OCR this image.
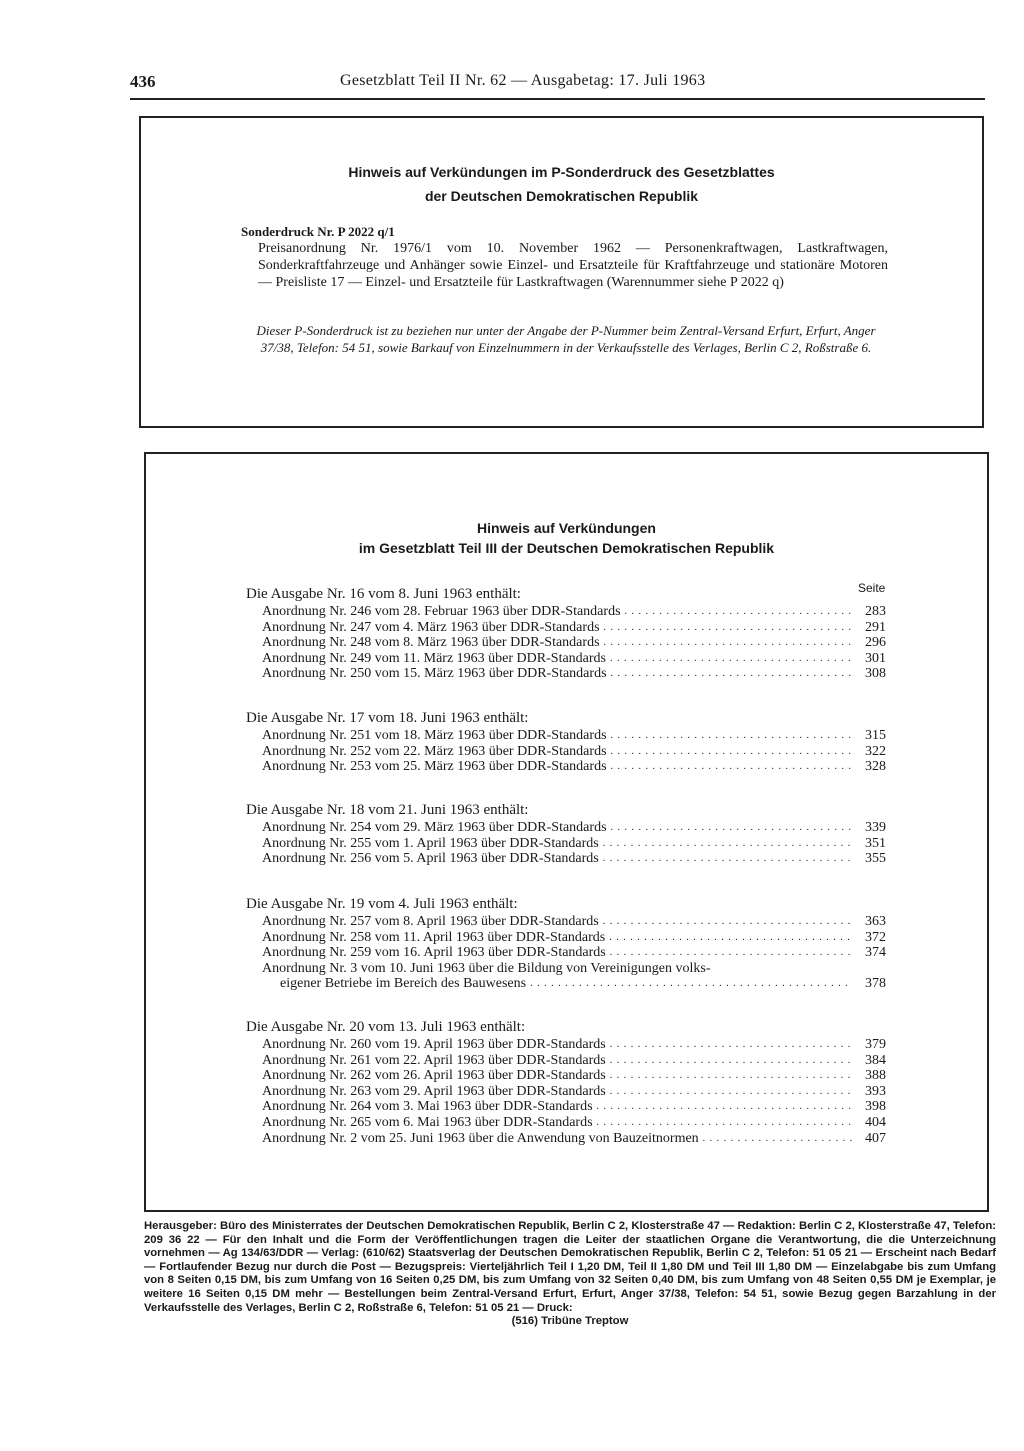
436	Gesetzblatt Teil II Nr. 62 — Ausgabetag: 17. Juli 1963
Hinweis auf Verkündungen im P-Sonderdruck des Gesetzblattes
der Deutschen Demokratischen Republik
Sonderdruck Nr. P 2022 q/1
Preisanordnung Nr. 1976/1 vom 10. November 1962 — Personenkraftwagen, Lastkraftwagen, Sonderkraftfahrzeuge und Anhänger sowie Einzel- und Ersatzteile für Kraftfahrzeuge und stationäre Motoren — Preisliste 17 — Einzel- und Ersatzteile für Lastkraftwagen (Warennummer siehe P 2022 q)
Dieser P-Sonderdruck ist zu beziehen nur unter der Angabe der P-Nummer beim Zentral-Versand Erfurt, Erfurt, Anger 37/38, Telefon: 54 51, sowie Barkauf von Einzelnummern in der Verkaufsstelle des Verlages, Berlin C 2, Roßstraße 6.
Hinweis auf Verkündungen
im Gesetzblatt Teil III der Deutschen Demokratischen Republik
Seite
Die Ausgabe Nr. 16 vom 8. Juni 1963 enthält:
Anordnung Nr. 246 vom 28. Februar 1963 über DDR-Standards . . .	283
Anordnung Nr. 247 vom 4. März 1963 über DDR-Standards . . .	291
Anordnung Nr. 248 vom 8. März 1963 über DDR-Standards . . .	296
Anordnung Nr. 249 vom 11. März 1963 über DDR-Standards . . .	301
Anordnung Nr. 250 vom 15. März 1963 über DDR-Standards . . .	308
Die Ausgabe Nr. 17 vom 18. Juni 1963 enthält:
Anordnung Nr. 251 vom 18. März 1963 über DDR-Standards . . .	315
Anordnung Nr. 252 vom 22. März 1963 über DDR-Standards . . .	322
Anordnung Nr. 253 vom 25. März 1963 über DDR-Standards . . .	328
Die Ausgabe Nr. 18 vom 21. Juni 1963 enthält:
Anordnung Nr. 254 vom 29. März 1963 über DDR-Standards . . .	339
Anordnung Nr. 255 vom 1. April 1963 über DDR-Standards . . .	351
Anordnung Nr. 256 vom 5. April 1963 über DDR-Standards . . .	355
Die Ausgabe Nr. 19 vom 4. Juli 1963 enthält:
Anordnung Nr. 257 vom 8. April 1963 über DDR-Standards . . .	363
Anordnung Nr. 258 vom 11. April 1963 über DDR-Standards . . .	372
Anordnung Nr. 259 vom 16. April 1963 über DDR-Standards . . .	374
Anordnung Nr. 3 vom 10. Juni 1963 über die Bildung von Vereinigungen volks-
eigener Betriebe im Bereich des Bauwesens . . .	378
Die Ausgabe Nr. 20 vom 13. Juli 1963 enthält:
Anordnung Nr. 260 vom 19. April 1963 über DDR-Standards . . .	379
Anordnung Nr. 261 vom 22. April 1963 über DDR-Standards . . .	384
Anordnung Nr. 262 vom 26. April 1963 über DDR-Standards . . .	388
Anordnung Nr. 263 vom 29. April 1963 über DDR-Standards . . .	393
Anordnung Nr. 264 vom 3. Mai 1963 über DDR-Standards . . .	398
Anordnung Nr. 265 vom 6. Mai 1963 über DDR-Standards . . .	404
Anordnung Nr. 2 vom 25. Juni 1963 über die Anwendung von Bauzeitnormen . . .	407
Herausgeber: Büro des Ministerrates der Deutschen Demokratischen Republik, Berlin C 2, Klosterstraße 47 — Redaktion: Berlin C 2, Klosterstraße 47, Telefon: 209 36 22 — Für den Inhalt und die Form der Veröffentlichungen tragen die Leiter der staatlichen Organe die Verantwortung, die die Unterzeichnung vornehmen — Ag 134/63/DDR — Verlag: (610/62) Staatsverlag der Deutschen Demokratischen Republik, Berlin C 2, Telefon: 51 05 21 — Erscheint nach Bedarf — Fortlaufender Bezug nur durch die Post — Bezugspreis: Vierteljährlich Teil I 1,20 DM, Teil II 1,80 DM und Teil III 1,80 DM — Einzelabgabe bis zum Umfang von 8 Seiten 0,15 DM, bis zum Umfang von 16 Seiten 0,25 DM, bis zum Umfang von 32 Seiten 0,40 DM, bis zum Umfang von 48 Seiten 0,55 DM je Exemplar, je weitere 16 Seiten 0,15 DM mehr — Bestellungen beim Zentral-Versand Erfurt, Erfurt, Anger 37/38, Telefon: 54 51, sowie Bezug gegen Barzahlung in der Verkaufsstelle des Verlages, Berlin C 2, Roßstraße 6, Telefon: 51 05 21 — Druck:
(516) Tribüne Treptow
